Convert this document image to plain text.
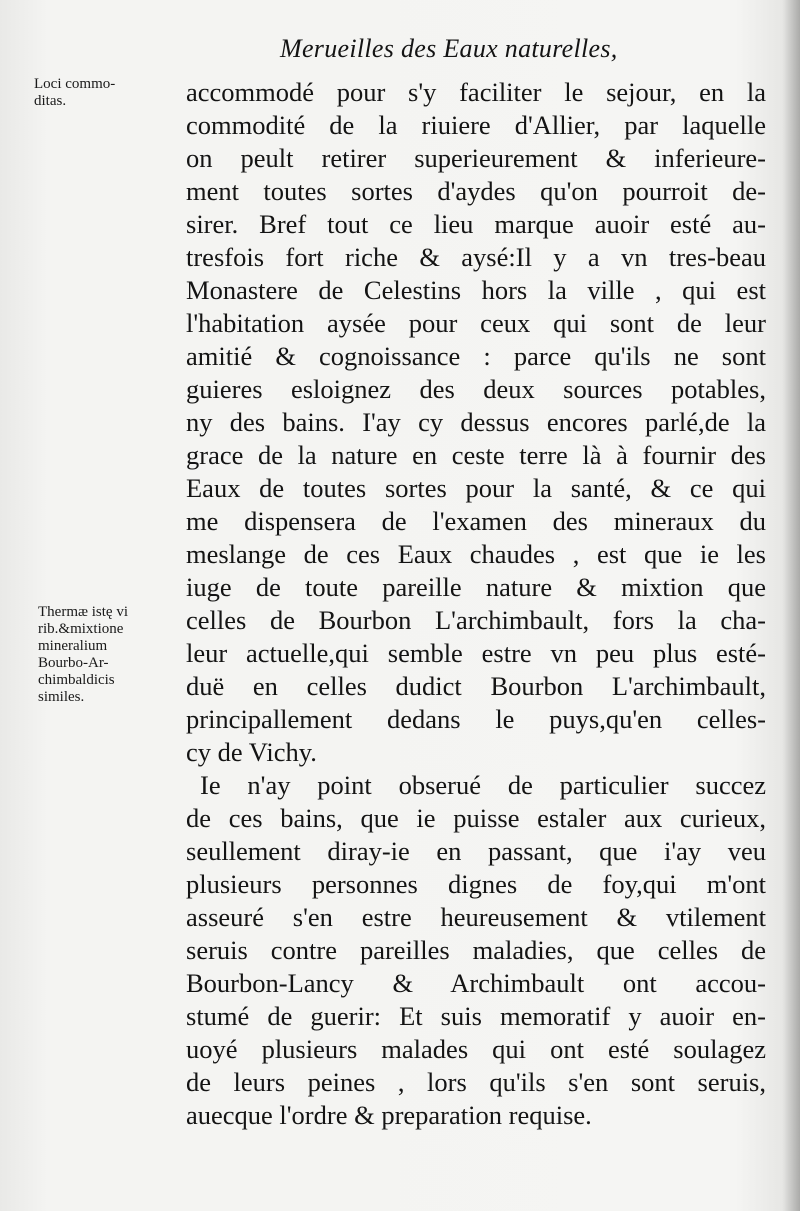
Merueilles des Eaux naturelles,
Loci commo-
ditas.
Thermæ istę vi
rib.&mixtione
mineralium
Bourbo-Ar-
chimbaldicis
similes.
accommodé pour s'y faciliter le sejour, en la
commodité de la riuiere d'Allier, par laquelle
on peult retirer superieurement & inferieure-
ment toutes sortes d'aydes qu'on pourroit de-
sirer. Bref tout ce lieu marque auoir esté au-
tresfois fort riche & aysé:Il y a vn tres-beau
Monastere de Celestins hors la ville , qui est
l'habitation aysée pour ceux qui sont de leur
amitié & cognoissance : parce qu'ils ne sont
guieres esloignez des deux sources potables,
ny des bains. I'ay cy dessus encores parlé,de la
grace de la nature en ceste terre là à fournir des
Eaux de toutes sortes pour la santé, & ce qui
me dispensera de l'examen des mineraux du
meslange de ces Eaux chaudes , est que ie les
iuge de toute pareille nature & mixtion que
celles de Bourbon L'archimbault, fors la cha-
leur actuelle,qui semble estre vn peu plus esté-
duë en celles dudict Bourbon L'archimbault,
principallement dedans le puys,qu'en celles-
cy de Vichy.
Ie n'ay point obserué de particulier succez
de ces bains, que ie puisse estaler aux curieux,
seullement diray-ie en passant, que i'ay veu
plusieurs personnes dignes de foy,qui m'ont
asseuré s'en estre heureusement & vtilement
seruis contre pareilles maladies, que celles de
Bourbon-Lancy & Archimbault ont accou-
stumé de guerir: Et suis memoratif y auoir en-
uoyé plusieurs malades qui ont esté soulagez
de leurs peines , lors qu'ils s'en sont seruis,
auecque l'ordre & preparation requise.
